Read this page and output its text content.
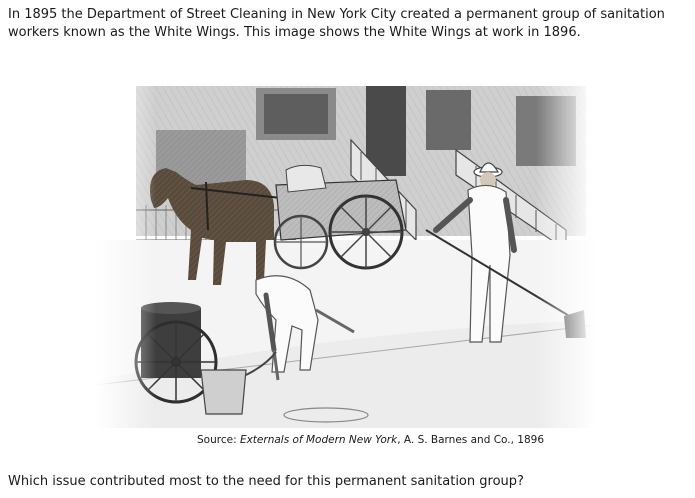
In 1895 the Department of Street Cleaning in New York City created a permanent group of sanitation workers known as the White Wings. This image shows the White Wings at work in 1896.

Source: Externals of Modern New York, A. S. Barnes and Co., 1896

Which issue contributed most to the need for this permanent sanitation group?
